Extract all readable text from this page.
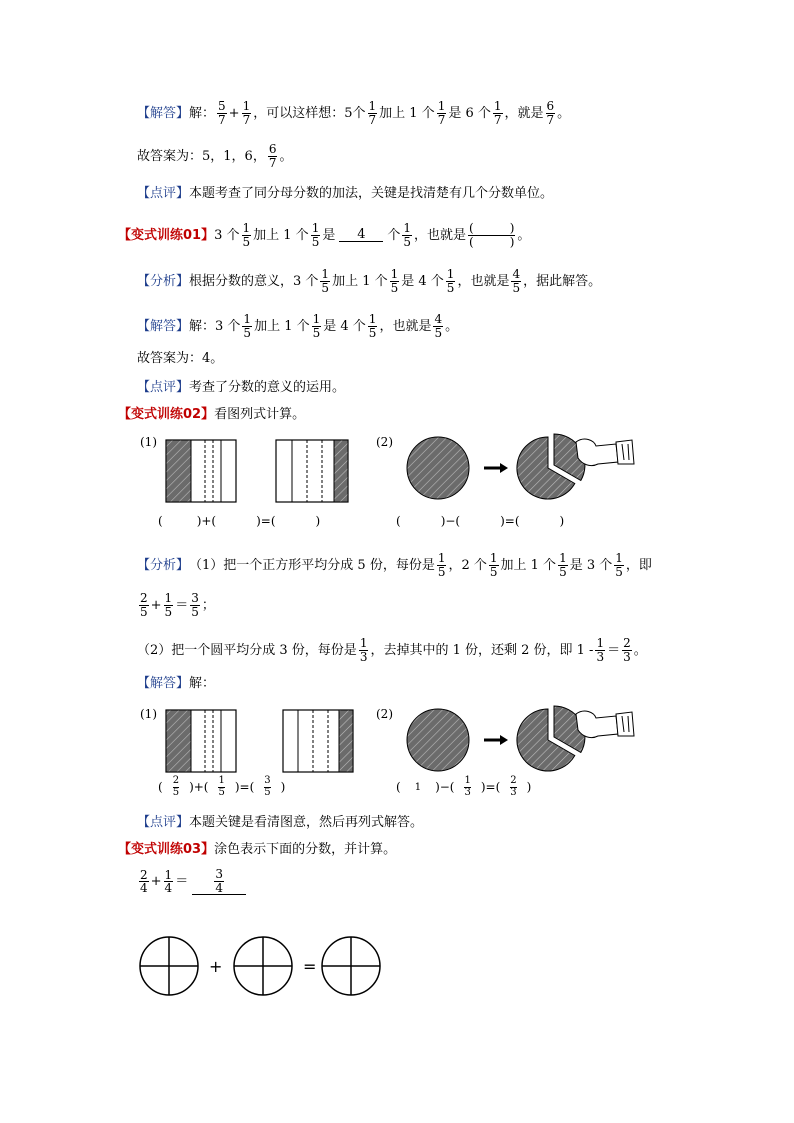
【解答】 解： 5
$7 + \frac{1}{7}$ ，可以这样想：5个 1
7 加上 1 个 1
7 是 6 个 1
7 ，就是 6
7 。
故答案为：5，1，6， 6
7 。
【点评】 本题考查了同分母分数的加法，关键是找清楚有几个分数单位。
【变式训练01】 3 个 1
5 加上 1 个 1
5 是	4	个 1
5 ，也就是 (　　　)
(　　　) 。
【分析】 根据分数的意义，3 个 1
5 加上 1 个 1
5 是 4 个 1
5 ，也就是 4
5 ，据此解答。
【解答】 解：3 个 1
5 加上 1 个 1
5 是 4 个 1
5 ，也就是 4
5 。
故答案为：4。
【点评】 考查了分数的意义的运用。
【变式训练02】 看图列式计算。
(1)	(2)
(	)+(	)=(	)	(	)−(	)=(	)
【分析】 （1）把一个正方形平均分成 5 份，每份是 1
5 ，2 个 1
5 加上 1 个 1
5 是 3 个 1
5 ，即
2
$5 + \frac{1}{5} = 3$
5 ；
（2）把一个圆平均分成 3 份，每份是 1
3 ，去掉其中的 1 份，还剩 2 份，即 1 - 1
3 ＝ 2
3 。
【解答】 解：
(1)	(2)
( 2
5 )+( 1
5 )=( 3
5 )	( 1 )−( 1
3 )=( 2
3 )
【点评】 本题关键是看清图意，然后再列式解答。
【变式训练03】 涂色表示下面的分数，并计算。
2
$4 + \frac{1}{4} = \frac{3}{4}$
+	=
